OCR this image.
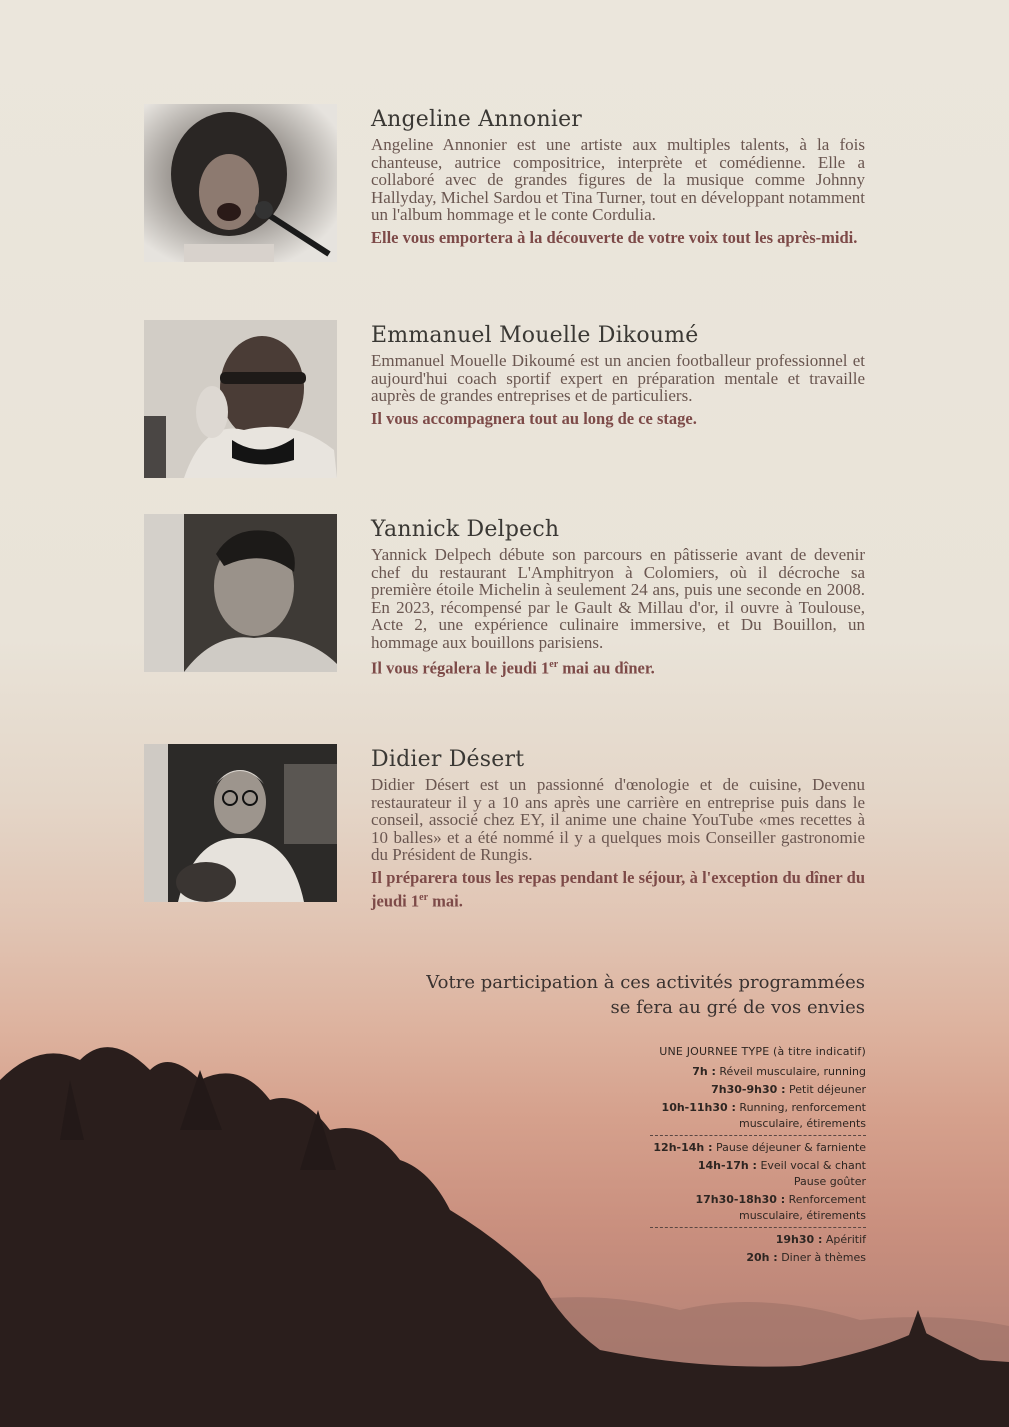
Angeline Annonier

Angeline Annonier est une artiste aux multiples talents, à la fois chanteuse, autrice compositrice, interprète et comédienne. Elle a collaboré avec de grandes figures de la musique comme Johnny Hallyday, Michel Sardou et Tina Turner, tout en développant notamment un l'album hommage et le conte Cordulia.

Elle vous emportera à la découverte de votre voix tout les après-midi.

Emmanuel Mouelle Dikoumé

Emmanuel Mouelle Dikoumé est un ancien footballeur professionnel et aujourd'hui coach sportif expert en préparation mentale et travaille auprès de grandes entreprises et de particuliers.

Il vous accompagnera tout au long de ce stage.

Yannick Delpech

Yannick Delpech débute son parcours en pâtisserie avant de devenir chef du restaurant L'Amphitryon à Colomiers, où il décroche sa première étoile Michelin à seulement 24 ans, puis une seconde en 2008. En 2023, récompensé par le Gault & Millau d'or, il ouvre à Toulouse, Acte 2, une expérience culinaire immersive, et Du Bouillon, un hommage aux bouillons parisiens.

Il vous régalera le jeudi 1er mai au dîner.

Didier Désert

Didier Désert est un passionné d'œnologie et de cuisine, Devenu restaurateur il y a 10 ans après une carrière en entreprise puis dans le conseil, associé chez EY, il anime une chaine YouTube «mes recettes à 10 balles» et a été nommé il y a quelques mois Conseiller gastronomie du Président de Rungis.

Il préparera tous les repas pendant le séjour, à l'exception du dîner du jeudi 1er mai.

Votre participation à ces activités programmées
se fera au gré de vos envies
UNE JOURNEE TYPE (à titre indicatif)
7h : Réveil musculaire, running
7h30-9h30 : Petit déjeuner
10h-11h30 : Running, renforcement
musculaire, étirements
12h-14h : Pause déjeuner & farniente
14h-17h : Eveil vocal & chant
Pause goûter
17h30-18h30 : Renforcement
musculaire, étirements
19h30 : Apéritif
20h : Diner à thèmes
